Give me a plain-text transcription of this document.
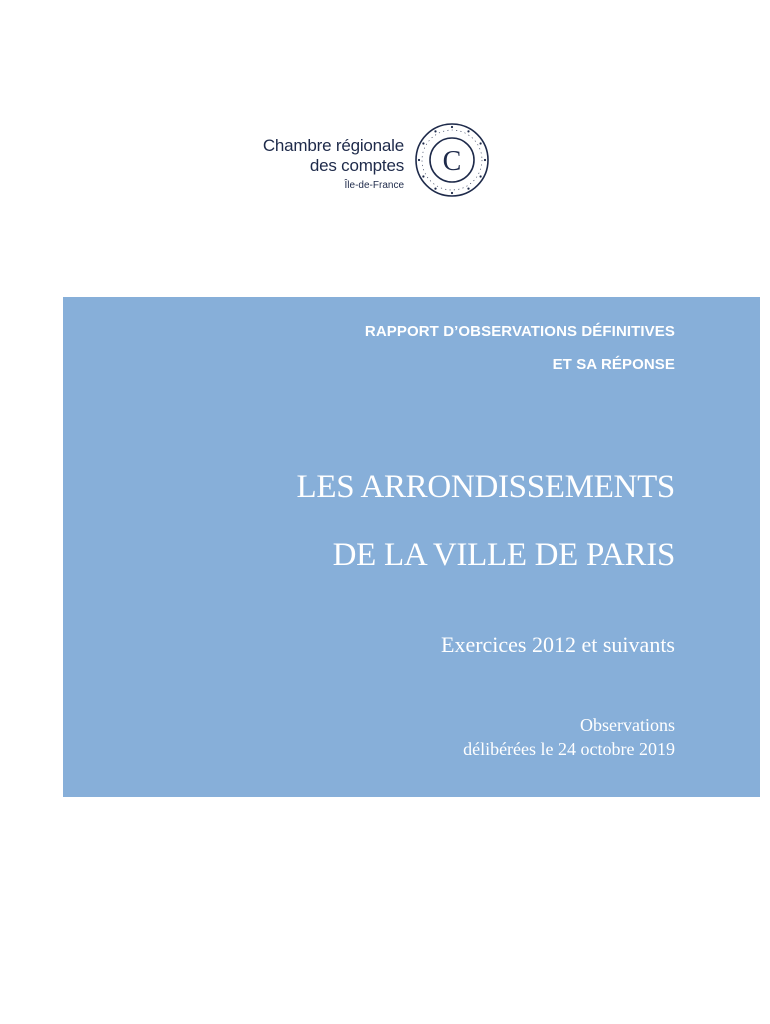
Chambre régionale
des comptes
Île-de-France
C
RAPPORT D’OBSERVATIONS DÉFINITIVES
ET SA RÉPONSE
LES ARRONDISSEMENTS
DE LA VILLE DE PARIS
Exercices 2012 et suivants
Observations
délibérées le 24 octobre 2019
